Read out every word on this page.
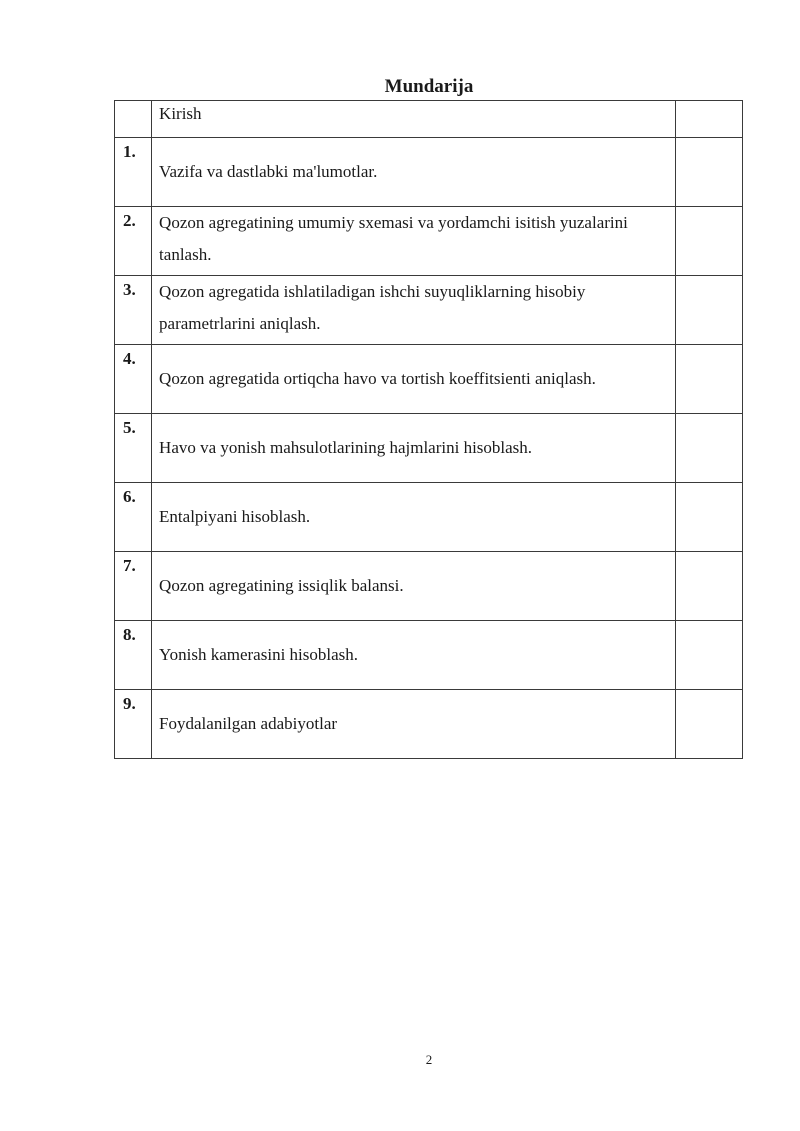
Mundarija
	Kirish	
1.	Vazifa va dastlabki ma'lumotlar.	
2.	Qozon agregatining umumiy sxemasi va yordamchi isitish yuzalarini tanlash.	
3.	Qozon agregatida ishlatiladigan ishchi suyuqliklarning hisobiy parametrlarini aniqlash.	
4.	Qozon agregatida ortiqcha havo va tortish koeffitsienti aniqlash.	
5.	Havo va yonish mahsulotlarining hajmlarini hisoblash.	
6.	Entalpiyani hisoblash.	
7.	Qozon agregatining issiqlik balansi.	
8.	Yonish kamerasini hisoblash.	
9.	Foydalanilgan adabiyotlar	
2
